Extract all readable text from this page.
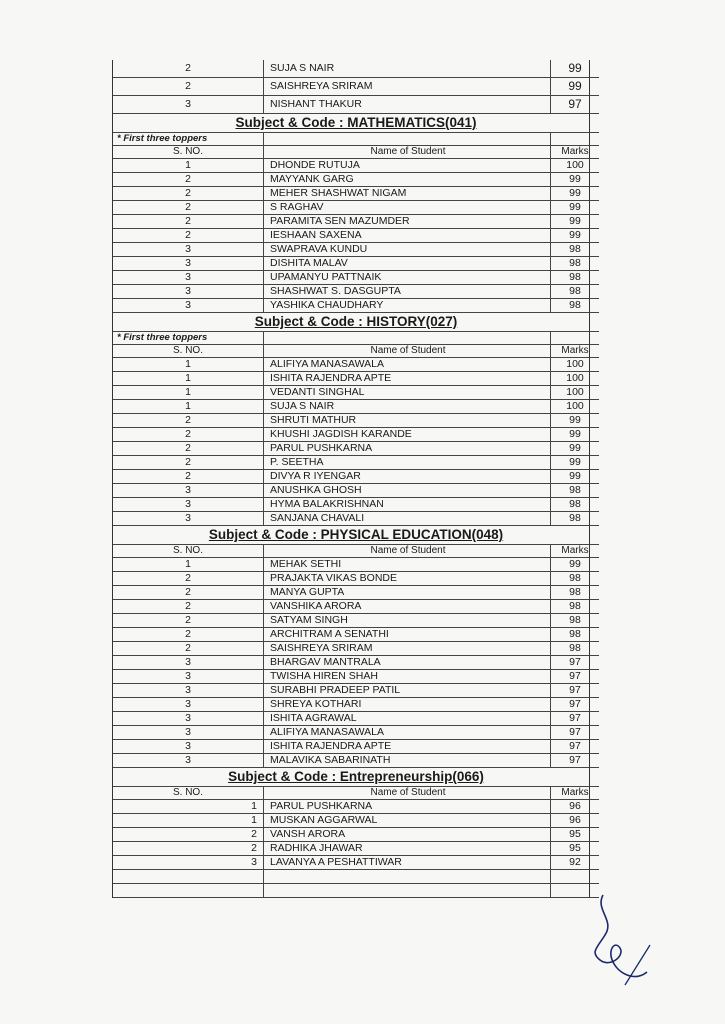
2	SUJA S NAIR	99
2	SAISHREYA SRIRAM	99
3	NISHANT THAKUR	97
Subject & Code : MATHEMATICS(041)		
* First three toppers		
S. NO.	Name of Student	Marks
1	DHONDE RUTUJA	100
2	MAYYANK GARG	99
2	MEHER SHASHWAT NIGAM	99
2	S RAGHAV	99
2	PARAMITA SEN MAZUMDER	99
2	IESHAAN SAXENA	99
3	SWAPRAVA KUNDU	98
3	DISHITA MALAV	98
3	UPAMANYU PATTNAIK	98
3	SHASHWAT S. DASGUPTA	98
3	YASHIKA CHAUDHARY	98
Subject & Code : HISTORY(027)		
* First three toppers		
S. NO.	Name of Student	Marks
1	ALIFIYA MANASAWALA	100
1	ISHITA RAJENDRA APTE	100
1	VEDANTI SINGHAL	100
1	SUJA S NAIR	100
2	SHRUTI MATHUR	99
2	KHUSHI JAGDISH KARANDE	99
2	PARUL PUSHKARNA	99
2	P. SEETHA	99
2	DIVYA R IYENGAR	99
3	ANUSHKA GHOSH	98
3	HYMA BALAKRISHNAN	98
3	SANJANA CHAVALI	98
Subject & Code : PHYSICAL EDUCATION(048)		
S. NO.	Name of Student	Marks
1	MEHAK SETHI	99
2	PRAJAKTA VIKAS BONDE	98
2	MANYA GUPTA	98
2	VANSHIKA ARORA	98
2	SATYAM SINGH	98
2	ARCHITRAM A SENATHI	98
2	SAISHREYA SRIRAM	98
3	BHARGAV MANTRALA	97
3	TWISHA HIREN SHAH	97
3	SURABHI PRADEEP PATIL	97
3	SHREYA KOTHARI	97
3	ISHITA AGRAWAL	97
3	ALIFIYA MANASAWALA	97
3	ISHITA RAJENDRA APTE	97
3	MALAVIKA SABARINATH	97
Subject & Code : Entrepreneurship(066)		
S. NO.	Name of Student	Marks
1	PARUL PUSHKARNA	96
1	MUSKAN AGGARWAL	96
2	VANSH ARORA	95
2	RADHIKA JHAWAR	95
3	LAVANYA A PESHATTIWAR	92
